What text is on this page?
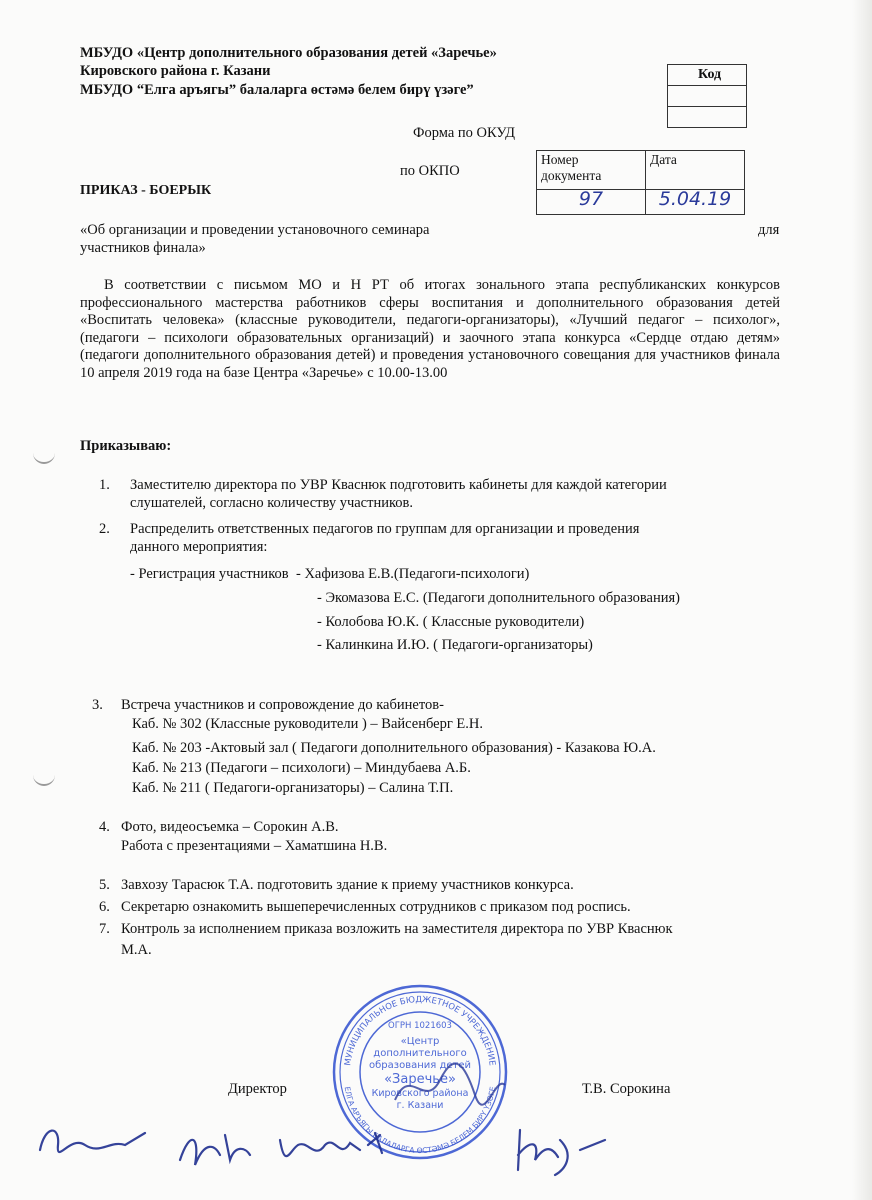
МБУДО «Центр дополнительного образования детей «Заречье»
Кировского района г. Казани
МБУДО “Елга аръягы” балаларга өстәмә белем бирү үзәге”
Код
Форма по ОКУД
по ОКПО
Номер
документа	Дата
97	5.04.19
ПРИКАЗ - БОЕРЫК
«Об организации и проведении установочного семинара	для
участников финала»
В соответствии с письмом МО и Н РТ об итогах зонального этапа республиканских конкурсов профессионального мастерства работников сферы воспитания и дополнительного образования детей «Воспитать человека» (классные руководители, педагоги-организаторы), «Лучший педагог – психолог», (педагоги – психологи образовательных организаций) и заочного этапа конкурса «Сердце отдаю детям» (педагоги дополнительного образования детей) и проведения установочного совещания для участников финала 10 апреля 2019 года на базе Центра «Заречье» с 10.00-13.00
Приказываю:
1. Заместителю директора по УВР Кваснюк подготовить кабинеты для каждой категории
слушателей, согласно количеству участников.
2. Распределить ответственных педагогов по группам для организации и проведения
данного мероприятия:
- Регистрация участников - Хафизова Е.В.(Педагоги-психологи)
- Экомазова Е.С. (Педагоги дополнительного образования)
- Колобова Ю.К. ( Классные руководители)
- Калинкина И.Ю. ( Педагоги-организаторы)
3. Встреча участников и сопровождение до кабинетов-
Каб. № 302 (Классные руководители ) – Вайсенберг Е.Н.
Каб. № 203 -Актовый зал ( Педагоги дополнительного образования) - Казакова Ю.А.
Каб. № 213 (Педагоги – психологи) – Миндубаева А.Б.
Каб. № 211 ( Педагоги-организаторы) – Салина Т.П.
4. Фото, видеосъемка – Сорокин А.В.
Работа с презентациями – Хаматшина Н.В.
5. Завхозу Тарасюк Т.А. подготовить здание к приему участников конкурса.
6. Секретарю ознакомить вышеперечисленных сотрудников с приказом под роспись.
7. Контроль за исполнением приказа возложить на заместителя директора по УВР Кваснюк
М.А.
МУНИЦИПАЛЬНОЕ БЮДЖЕТНОЕ УЧРЕЖДЕНИЕ
ЕЛГА АРЪЯГЫ БАЛАЛАРГА ӨСТӘМӘ БЕЛЕМ БИРҮ ҮЗӘГЕ
ОГРН 1021603
«Центр
дополнительного
образования детей
«Заречье»
Кировского района
г. Казани
Директор	Т.В. Сорокина
